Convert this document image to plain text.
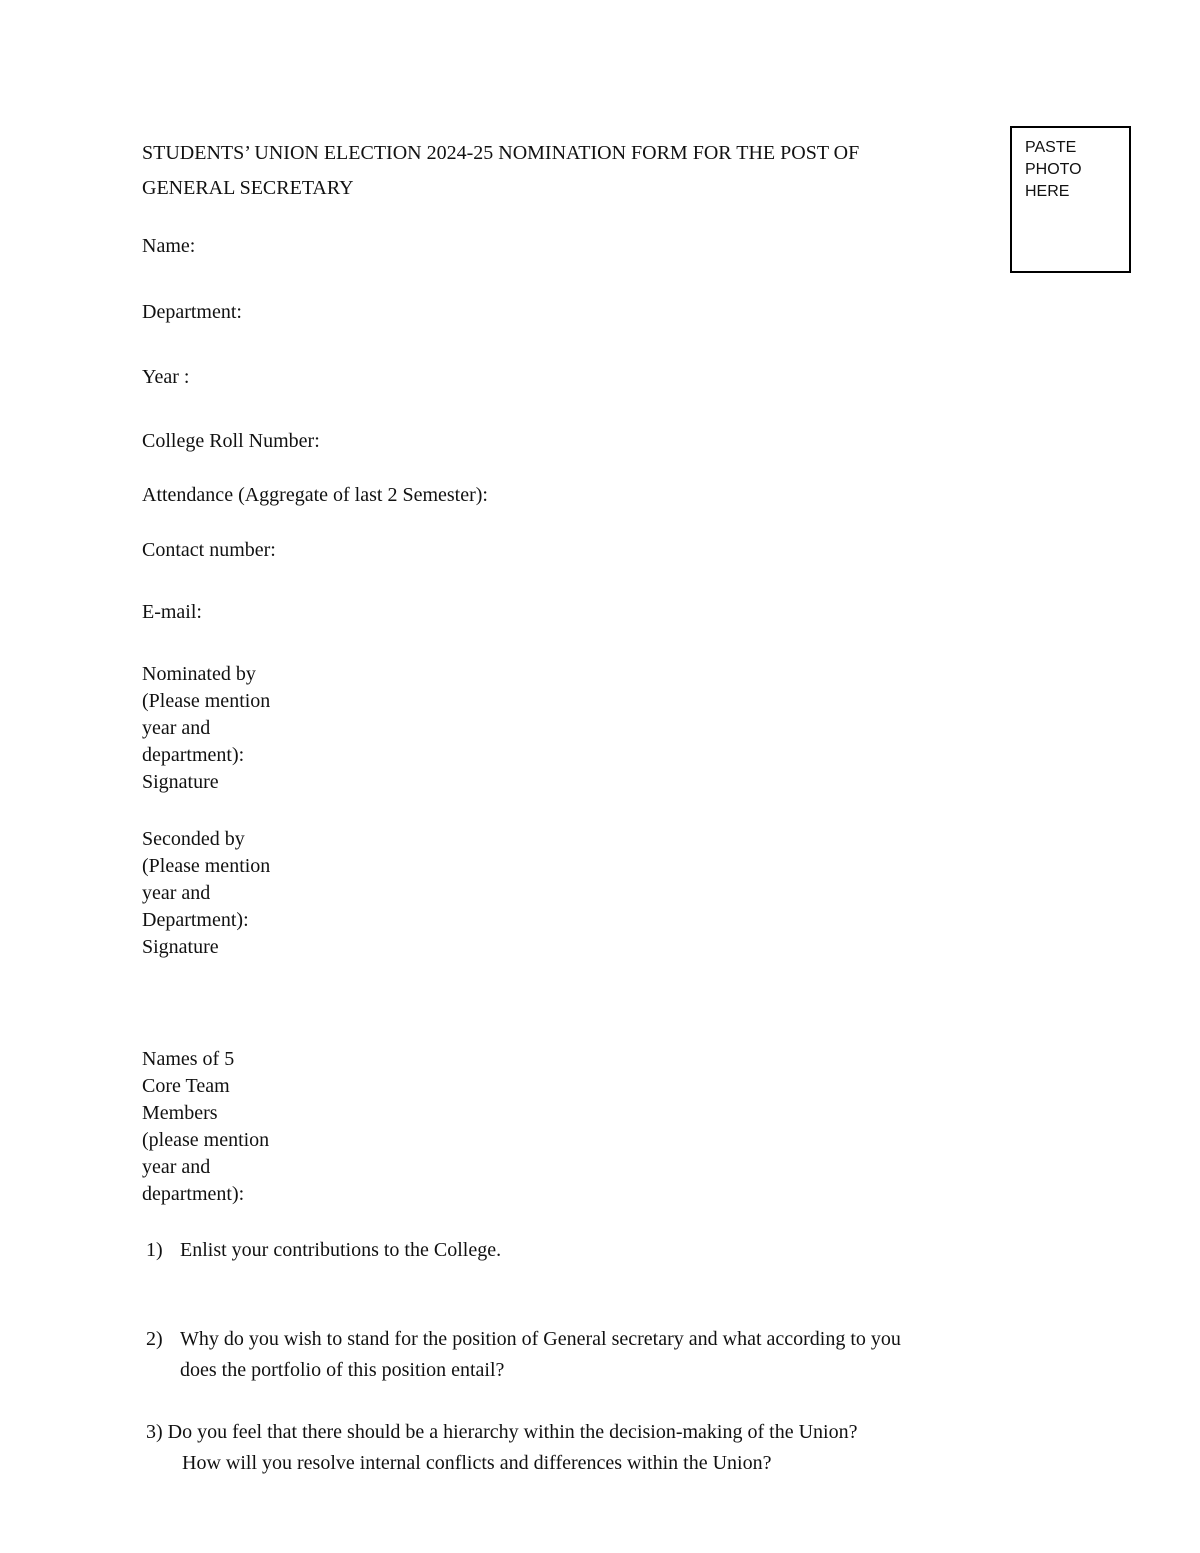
STUDENTS’ UNION ELECTION 2024-25 NOMINATION FORM FOR THE POST OF
GENERAL SECRETARY
PASTE
PHOTO
HERE
Name:
Department:
Year :
College Roll Number:
Attendance (Aggregate of last 2 Semester):
Contact number:
E-mail:
Nominated by
(Please mention
year and
department):
Signature
Seconded by
(Please mention
year and
Department):
Signature
Names of 5
Core Team
Members
(please mention
year and
department):
1) Enlist your contributions to the College.
2) Why do you wish to stand for the position of General secretary and what according to you
does the portfolio of this position entail?
3) Do you feel that there should be a hierarchy within the decision-making of the Union?
How will you resolve internal conflicts and differences within the Union?
